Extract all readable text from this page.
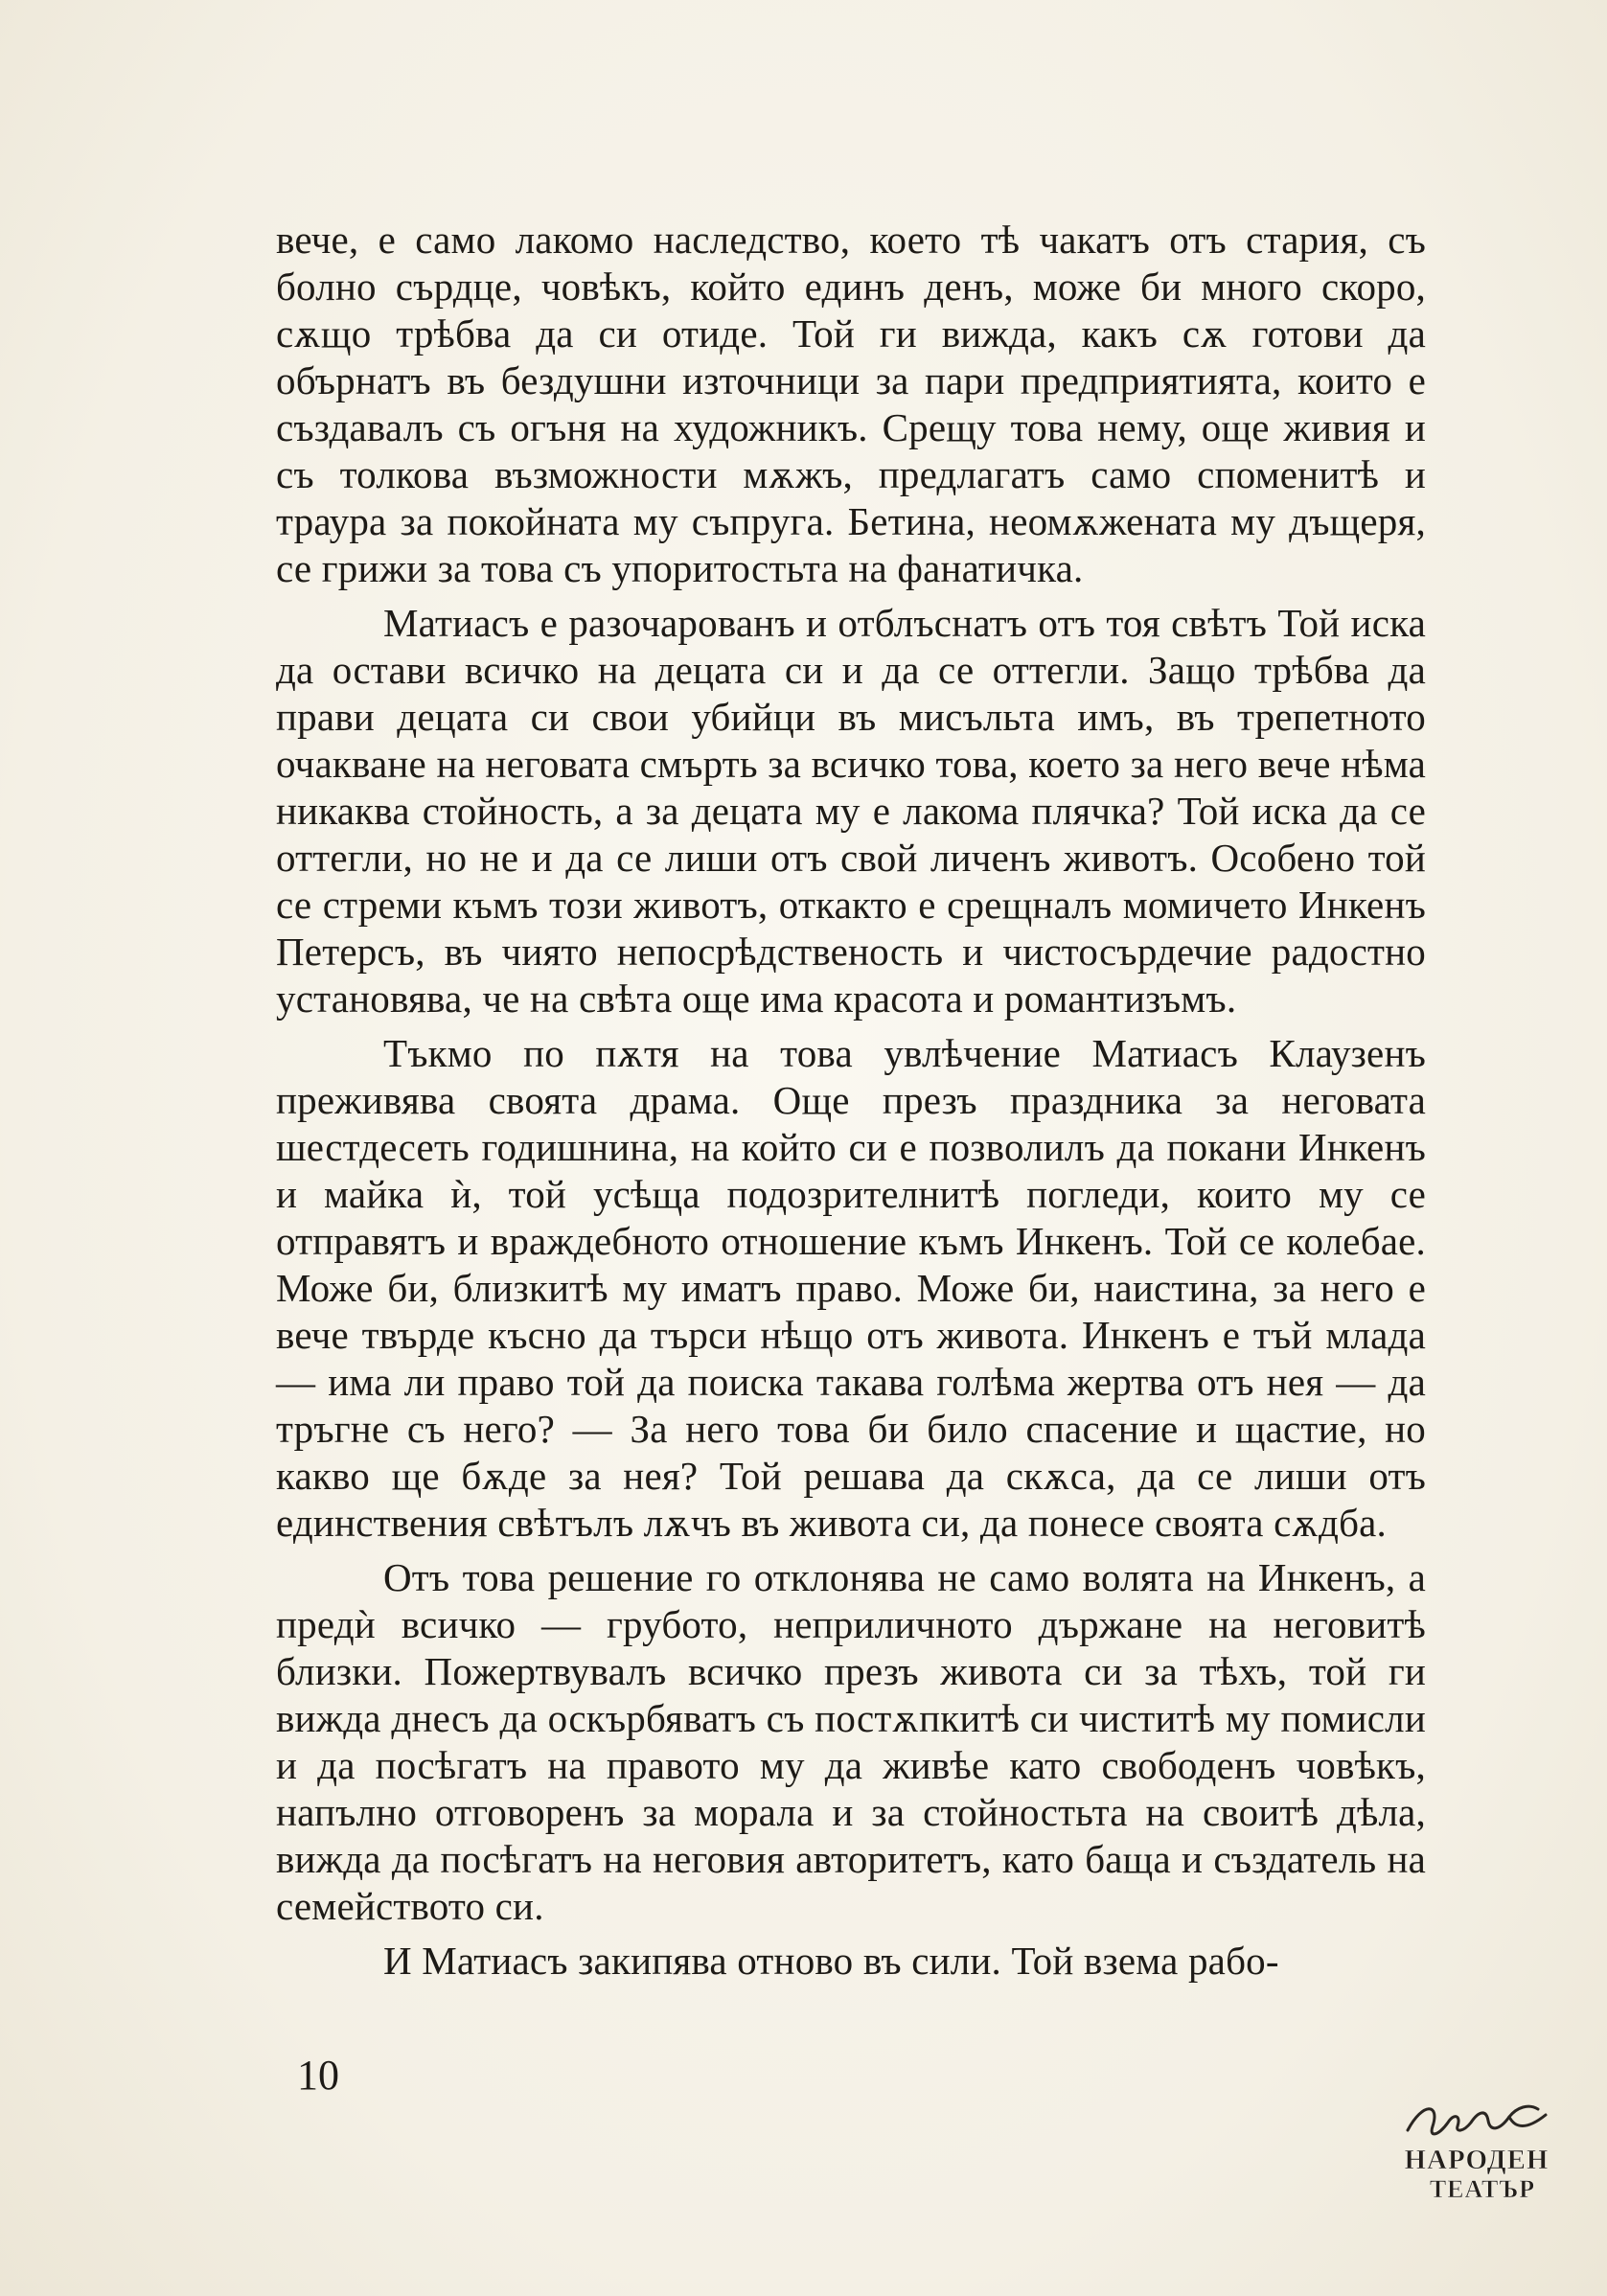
вече, е само лакомо наследство, което тѣ чакатъ отъ стария, съ болно сърдце, човѣкъ, който единъ денъ, може би много скоро, сѫщо трѣбва да си отиде. Той ги вижда, какъ сѫ готови да обърнатъ въ бездушни източници за пари предприятията, които е създавалъ съ огъня на художникъ. Срещу това нему, още живия и съ толкова възможности мѫжъ, предлагатъ само споменитѣ и траура за покойната му съпруга. Бетина, неомѫжената му дъщеря, се грижи за това съ упоритостьта на фанатичка.

Матиасъ е разочарованъ и отблъснатъ отъ тоя свѣтъ Той иска да остави всичко на децата си и да се оттегли. Защо трѣбва да прави децата си свои убийци въ мисъльта имъ, въ трепетното очакване на неговата смърть за всичко това, което за него вече нѣма никаква стойность, а за децата му е лакома плячка? Той иска да се оттегли, но не и да се лиши отъ свой личенъ животъ. Особено той се стреми къмъ този животъ, откакто е срещналъ момичето Инкенъ Петерсъ, въ чиято непосрѣдственость и чистосърдечие радостно установява, че на свѣта още има красота и романтизъмъ.

Тъкмо по пѫтя на това увлѣчение Матиасъ Клаузенъ преживява своята драма. Още презъ праздника за неговата шестдесеть годишнина, на който си е позволилъ да покани Инкенъ и майка ѝ, той усѣща подозрителнитѣ погледи, които му се отправятъ и враждебното отношение къмъ Инкенъ. Той се колебае. Може би, близкитѣ му иматъ право. Може би, наистина, за него е вече твърде късно да търси нѣщо отъ живота. Инкенъ е тъй млада — има ли право той да поиска такава голѣма жертва отъ нея — да тръгне съ него? — За него това би било спасение и щастие, но какво ще бѫде за нея? Той решава да скѫса, да се лиши отъ единствения свѣтълъ лѫчъ въ живота си, да понесе своята сѫдба.

Отъ това решение го отклонява не само волята на Инкенъ, а предѝ всичко — грубото, неприличното държане на неговитѣ близки. Пожертвувалъ всичко презъ живота си за тѣхъ, той ги вижда днесъ да оскърбяватъ съ постѫпкитѣ си чиститѣ му помисли и да посѣгатъ на правото му да живѣе като свободенъ човѣкъ, напълно отговоренъ за морала и за стойностьта на своитѣ дѣла, вижда да посѣгатъ на неговия авторитетъ, като баща и създатель на семейството си.

И Матиасъ закипява отново въ сили. Той взема рабо-

10
НАРОДЕН
ТЕАТЪР
